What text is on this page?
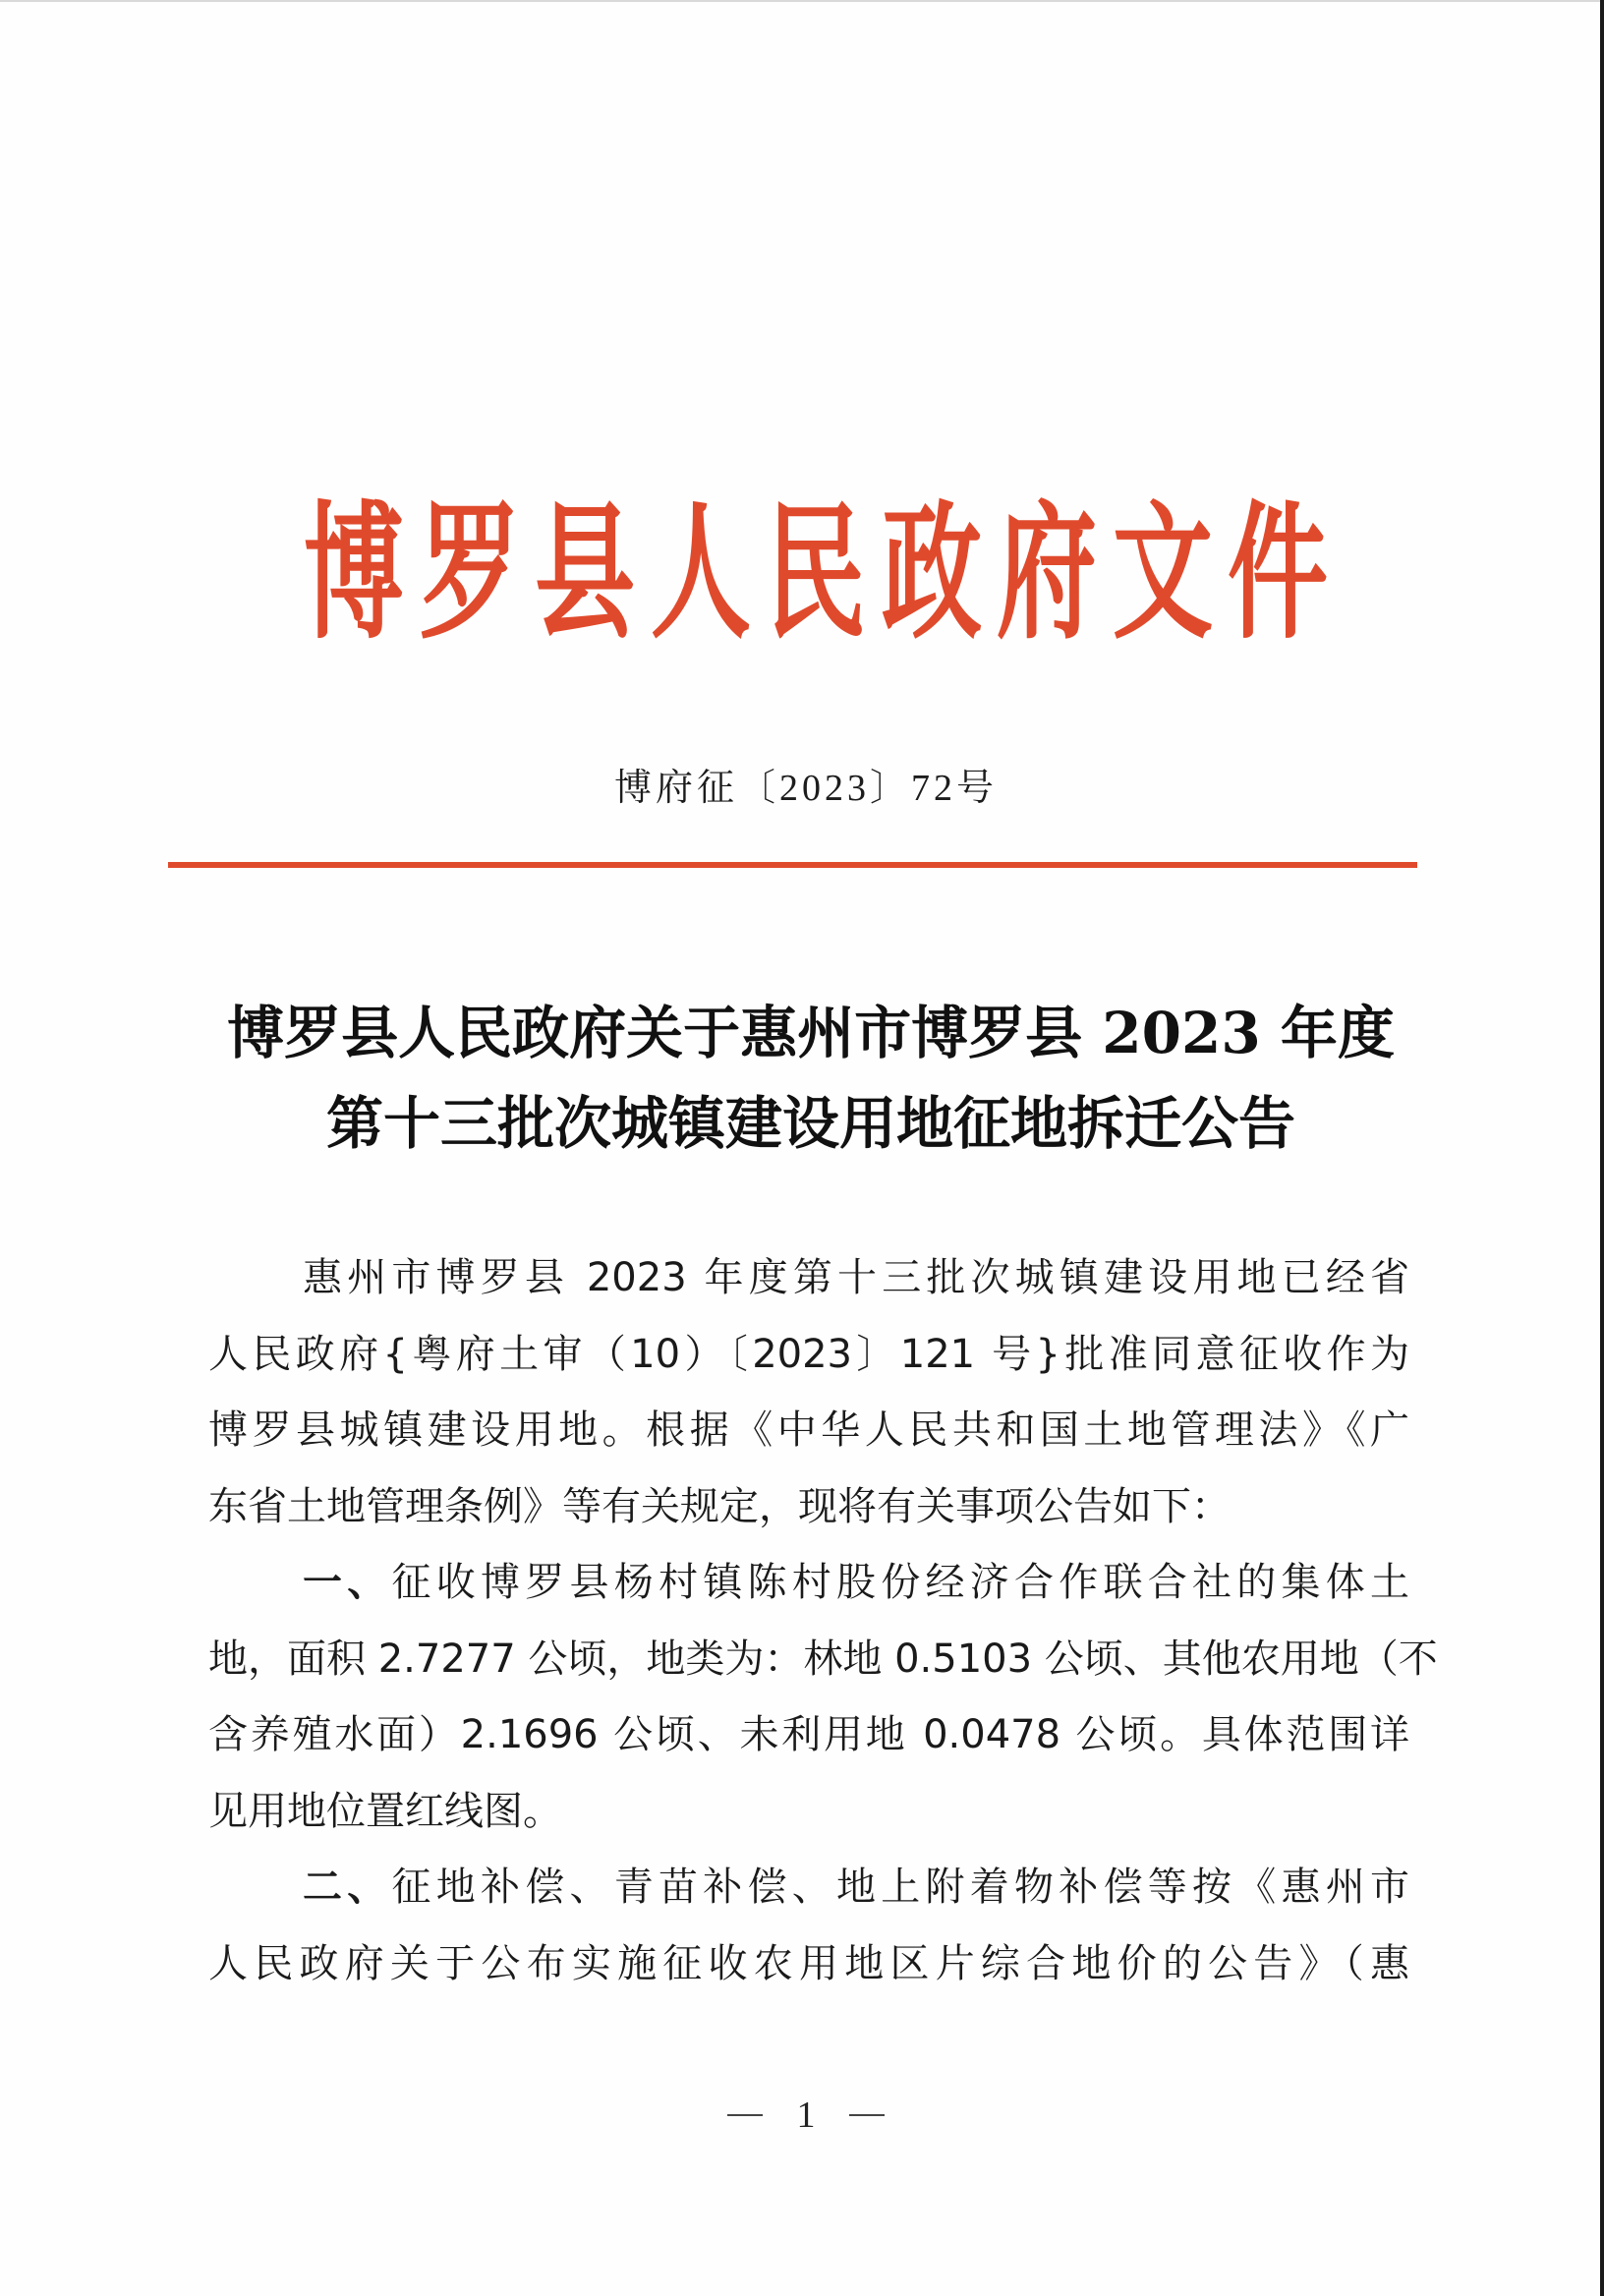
博 罗 县 人 民 政 府 文 件
博府征〔2023〕72号
博罗县人民政府关于惠州市博罗县 2023 年度
第十三批次城镇建设用地征地拆迁公告
惠州市博罗县 2023 年度第十三批次城镇建设用地已经省
人民政府{粤府土审（10）〔2023〕121 号}批准同意征收作为
博罗县城镇建设用地。根据《中华人民共和国土地管理法》《广
东省土地管理条例》等有关规定，现将有关事项公告如下：
一、征收博罗县杨村镇陈村股份经济合作联合社的集体土
地，面积 2.7277 公顷，地类为：林地 0.5103 公顷、其他农用地（不
含养殖水面）2.1696 公顷、未利用地 0.0478 公顷。具体范围详
见用地位置红线图。
二、征地补偿、青苗补偿、地上附着物补偿等按《惠州市
人民政府关于公布实施征收农用地区片综合地价的公告》（惠
1
